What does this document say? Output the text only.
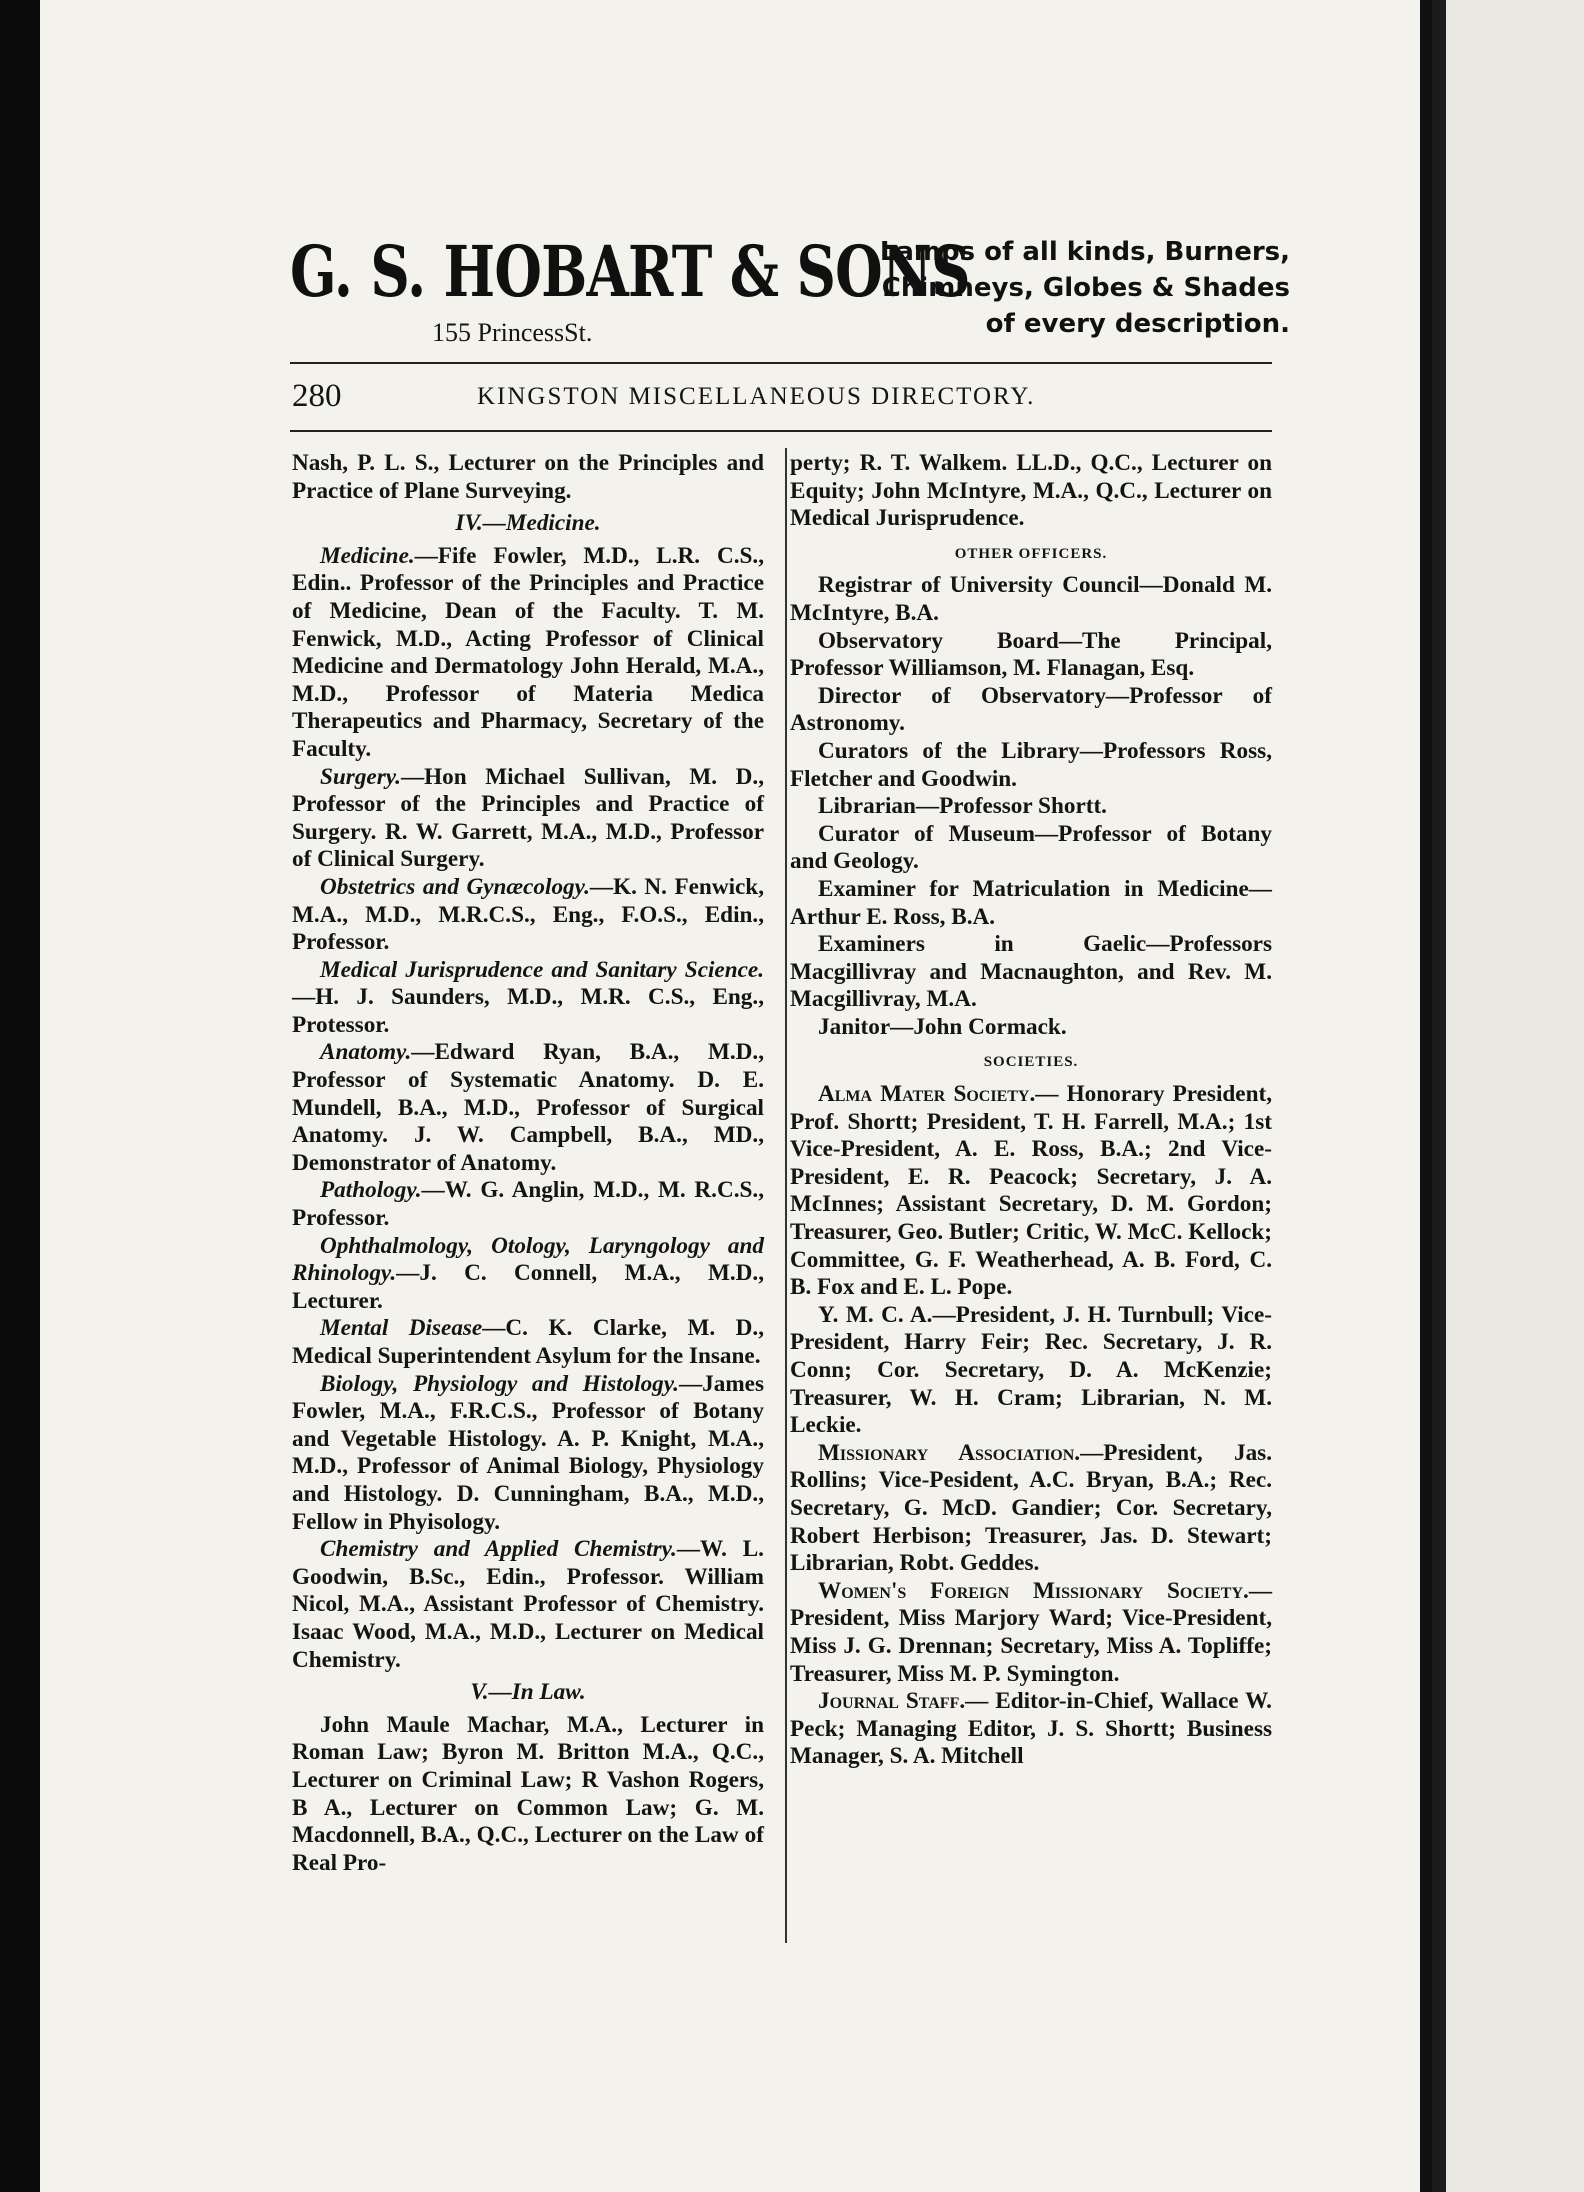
G. S. HOBART & SONS
155 PrincessSt.
Lamps of all kinds, Burners,
Chimneys, Globes & Shades
of every description.
280	KINGSTON MISCELLANEOUS DIRECTORY.

Nash, P. L. S., Lecturer on the Principles and Practice of Plane Surveying.

IV.—Medicine.

Medicine.—Fife Fowler, M.D., L.R. C.S., Edin.. Professor of the Principles and Practice of Medicine, Dean of the Faculty. T. M. Fenwick, M.D., Acting Professor of Clinical Medicine and Dermatology John Herald, M.A., M.D., Professor of Materia Medica Therapeutics and Pharmacy, Secretary of the Faculty.

Surgery.—Hon Michael Sullivan, M. D., Professor of the Principles and Practice of Surgery. R. W. Garrett, M.A., M.D., Professor of Clinical Surgery.

Obstetrics and Gynæcology.—K. N. Fenwick, M.A., M.D., M.R.C.S., Eng., F.O.S., Edin., Professor.

Medical Jurisprudence and Sanitary Science.—H. J. Saunders, M.D., M.R. C.S., Eng., Protessor.

Anatomy.—Edward Ryan, B.A., M.D., Professor of Systematic Anatomy. D. E. Mundell, B.A., M.D., Professor of Surgical Anatomy. J. W. Campbell, B.A., MD., Demonstrator of Anatomy.

Pathology.—W. G. Anglin, M.D., M. R.C.S., Professor.

Ophthalmology, Otology, Laryngology and Rhinology.—J. C. Connell, M.A., M.D., Lecturer.

Mental Disease—C. K. Clarke, M. D., Medical Superintendent Asylum for the Insane.

Biology, Physiology and Histology.—James Fowler, M.A., F.R.C.S., Professor of Botany and Vegetable Histology. A. P. Knight, M.A., M.D., Professor of Animal Biology, Physiology and Histology. D. Cunningham, B.A., M.D., Fellow in Phyisology.

Chemistry and Applied Chemistry.—W. L. Goodwin, B.Sc., Edin., Professor. William Nicol, M.A., Assistant Professor of Chemistry. Isaac Wood, M.A., M.D., Lecturer on Medical Chemistry.

V.—In Law.

John Maule Machar, M.A., Lecturer in Roman Law; Byron M. Britton M.A., Q.C., Lecturer on Criminal Law; R Vashon Rogers, B A., Lecturer on Common Law; G. M. Macdonnell, B.A., Q.C., Lecturer on the Law of Real Pro-

perty; R. T. Walkem. LL.D., Q.C., Lecturer on Equity; John McIntyre, M.A., Q.C., Lecturer on Medical Jurisprudence.

OTHER OFFICERS.

Registrar of University Council—Donald M. McIntyre, B.A.

Observatory Board—The Principal, Professor Williamson, M. Flanagan, Esq.

Director of Observatory—Professor of Astronomy.

Curators of the Library—Professors Ross, Fletcher and Goodwin.

Librarian—Professor Shortt.

Curator of Museum—Professor of Botany and Geology.

Examiner for Matriculation in Medicine—Arthur E. Ross, B.A.

Examiners in Gaelic—Professors Macgillivray and Macnaughton, and Rev. M. Macgillivray, M.A.

Janitor—John Cormack.

SOCIETIES.

Alma Mater Society.— Honorary President, Prof. Shortt; President, T. H. Farrell, M.A.; 1st Vice-President, A. E. Ross, B.A.; 2nd Vice-President, E. R. Peacock; Secretary, J. A. McInnes; Assistant Secretary, D. M. Gordon; Treasurer, Geo. Butler; Critic, W. McC. Kellock; Committee, G. F. Weatherhead, A. B. Ford, C. B. Fox and E. L. Pope.

Y. M. C. A.—President, J. H. Turnbull; Vice-President, Harry Feir; Rec. Secretary, J. R. Conn; Cor. Secretary, D. A. McKenzie; Treasurer, W. H. Cram; Librarian, N. M. Leckie.

Missionary Association.—President, Jas. Rollins; Vice-Pesident, A.C. Bryan, B.A.; Rec. Secretary, G. McD. Gandier; Cor. Secretary, Robert Herbison; Treasurer, Jas. D. Stewart; Librarian, Robt. Geddes.

Women's Foreign Missionary Society.— President, Miss Marjory Ward; Vice-President, Miss J. G. Drennan; Secretary, Miss A. Topliffe; Treasurer, Miss M. P. Symington.

Journal Staff.— Editor-in-Chief, Wallace W. Peck; Managing Editor, J. S. Shortt; Business Manager, S. A. Mitchell
